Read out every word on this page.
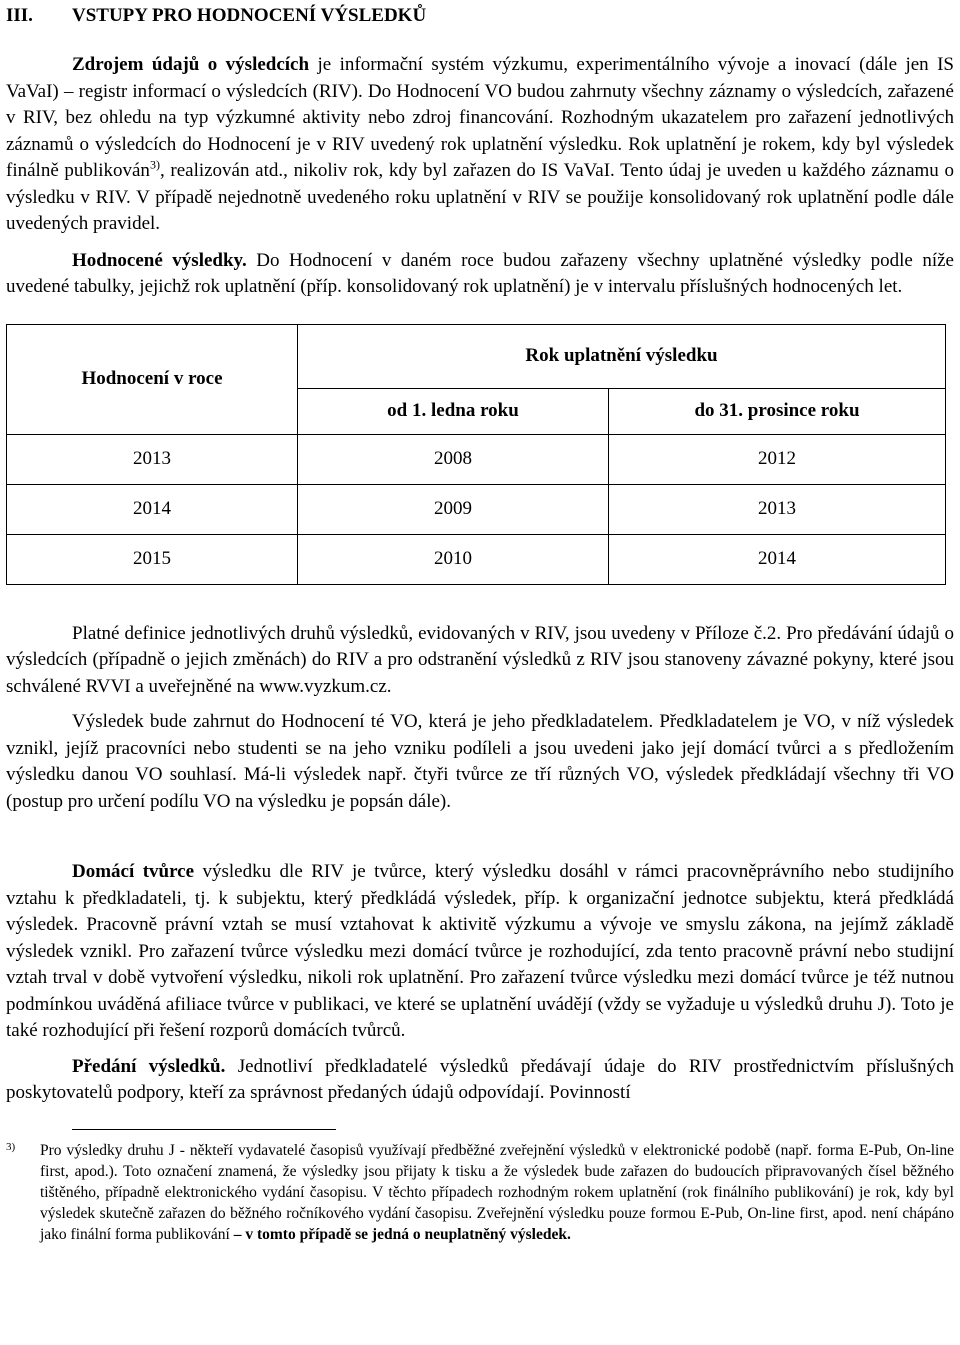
III.	VSTUPY PRO HODNOCENÍ VÝSLEDKŮ

Zdrojem údajů o výsledcích je informační systém výzkumu, experimentálního vývoje a inovací (dále jen IS VaVaI) – registr informací o výsledcích (RIV). Do Hodnocení VO budou zahrnuty všechny záznamy o výsledcích, zařazené v RIV, bez ohledu na typ výzkumné aktivity nebo zdroj financování. Rozhodným ukazatelem pro zařazení jednotlivých záznamů o výsledcích do Hodnocení je v RIV uvedený rok uplatnění výsledku. Rok uplatnění je rokem, kdy byl výsledek finálně publikován$^{3)}$, realizován atd., nikoliv rok, kdy byl zařazen do IS VaVaI. Tento údaj je uveden u každého záznamu o výsledku v RIV. V případě nejednotně uvedeného roku uplatnění v RIV se použije konsolidovaný rok uplatnění podle dále uvedených pravidel.

Hodnocené výsledky. Do Hodnocení v daném roce budou zařazeny všechny uplatněné výsledky podle níže uvedené tabulky, jejichž rok uplatnění (příp. konsolidovaný rok uplatnění) je v intervalu příslušných hodnocených let.

Hodnocení v roce	Rok uplatnění výsledku	
	od 1. ledna roku	do 31. prosince roku
2013	2008	2012
2014	2009	2013
2015	2010	2014

Platné definice jednotlivých druhů výsledků, evidovaných v RIV, jsou uvedeny v Příloze č.2. Pro předávání údajů o výsledcích (případně o jejich změnách) do RIV a pro odstranění výsledků z RIV jsou stanoveny závazné pokyny, které jsou schválené RVVI a uveřejněné na www.vyzkum.cz.

Výsledek bude zahrnut do Hodnocení té VO, která je jeho předkladatelem. Předkladatelem je VO, v níž výsledek vznikl, jejíž pracovníci nebo studenti se na jeho vzniku podíleli a jsou uvedeni jako její domácí tvůrci a s předložením výsledku danou VO souhlasí. Má-li výsledek např. čtyři tvůrce ze tří různých VO, výsledek předkládají všechny tři VO (postup pro určení podílu VO na výsledku je popsán dále).

Domácí tvůrce výsledku dle RIV je tvůrce, který výsledku dosáhl v rámci pracovněprávního nebo studijního vztahu k předkladateli, tj. k subjektu, který předkládá výsledek, příp. k organizační jednotce subjektu, která předkládá výsledek. Pracovně právní vztah se musí vztahovat k aktivitě výzkumu a vývoje ve smyslu zákona, na jejímž základě výsledek vznikl. Pro zařazení tvůrce výsledku mezi domácí tvůrce je rozhodující, zda tento pracovně právní nebo studijní vztah trval v době vytvoření výsledku, nikoli rok uplatnění. Pro zařazení tvůrce výsledku mezi domácí tvůrce je též nutnou podmínkou uváděná afiliace tvůrce v publikaci, ve které se uplatnění uvádějí (vždy se vyžaduje u výsledků druhu J). Toto je také rozhodující při řešení rozporů domácích tvůrců.

Předání výsledků. Jednotliví předkladatelé výsledků předávají údaje do RIV prostřednictvím příslušných poskytovatelů podpory, kteří za správnost předaných údajů odpovídají. Povinností

3) Pro výsledky druhu J - někteří vydavatelé časopisů využívají předběžné zveřejnění výsledků v elektronické podobě (např. forma E-Pub, On-line first, apod.). Toto označení znamená, že výsledky jsou přijaty k tisku a že výsledek bude zařazen do budoucích připravovaných čísel běžného tištěného, případně elektronického vydání časopisu. V těchto případech rozhodným rokem uplatnění (rok finálního publikování) je rok, kdy byl výsledek skutečně zařazen do běžného ročníkového vydání časopisu. Zveřejnění výsledku pouze formou E-Pub, On-line first, apod. není chápáno jako finální forma publikování – v tomto případě se jedná o neuplatněný výsledek.
